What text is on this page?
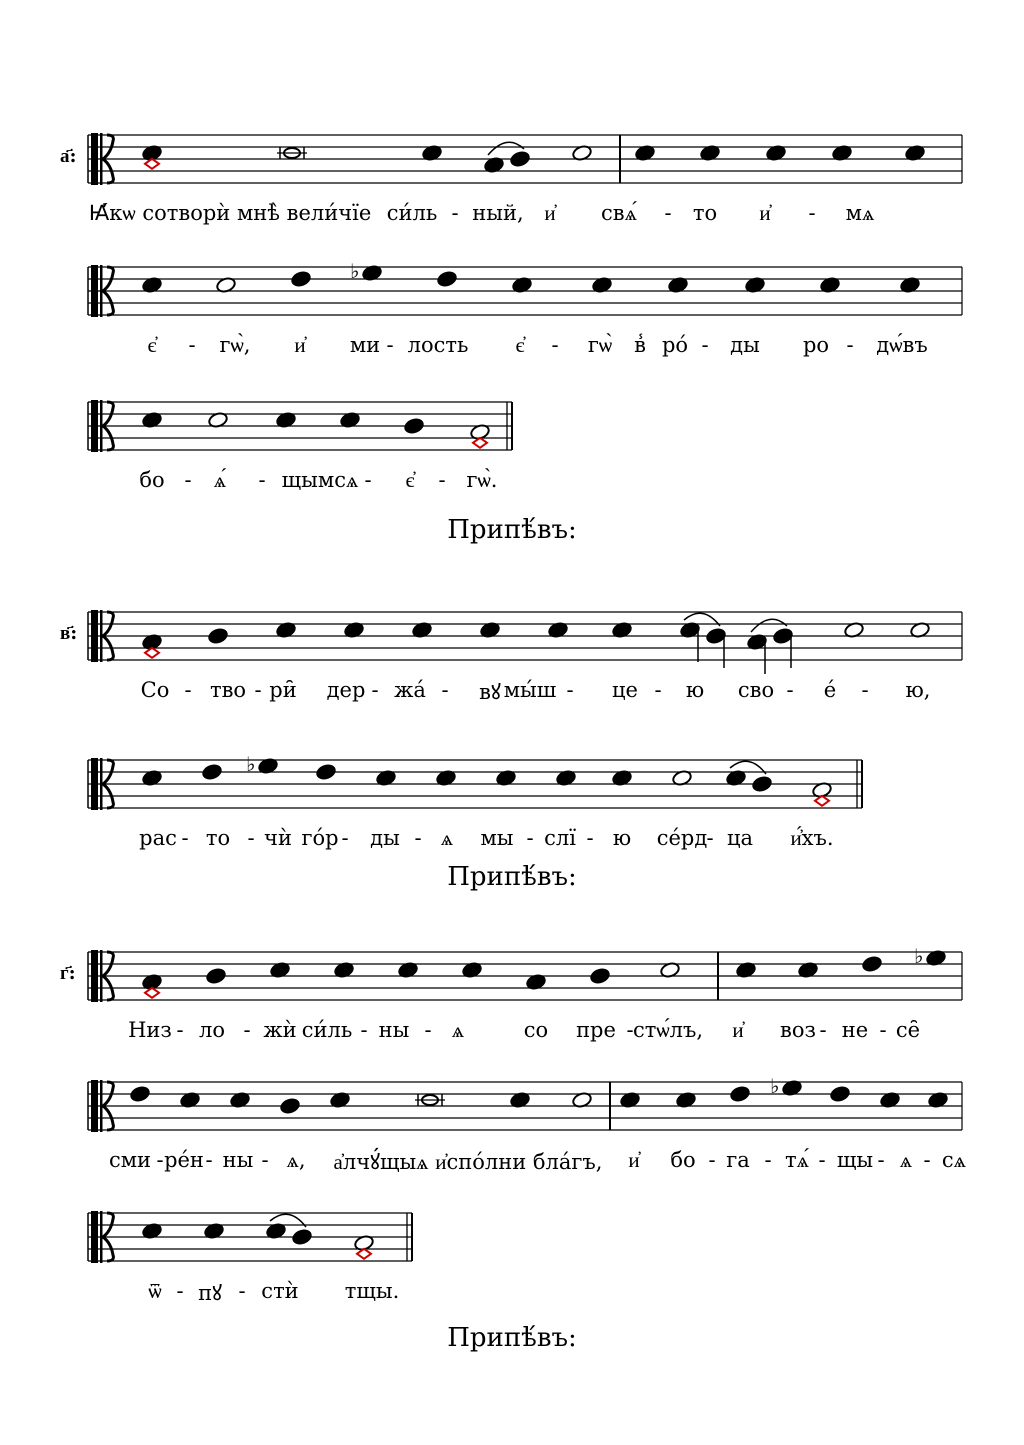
а҃:
Ꙗ҆́кѡ сотворѝ мнѣ̀ вели́чїе си́ль - ный, и҆ свѧ́ - то и҆ - мѧ
♭
є҆ - гѡ̀, и҆ ми - лость є҆ - гѡ̀ в̾ ро́ - ды ро - дѡ́въ
бо - ѧ́ - щымсѧ - є҆ - гѡ̀.
Припѣ́въ:
в҃:
Со - тво - ри̑ дер - жа́ - вꙋ мы́ш - це - ю сво - е́ - ю,
♭
рас - то - чѝ го́р - ды - ѧ мы - слї - ю се́рд - ца и҆́хъ.
Припѣ́въ:
♭
г҃:
Низ - ло - жѝ си́ль - ны - ѧ	со пре - стѡ́лъ, и҆ воз - не - се̑
♭
сми - ре́н - ны - ѧ, а҆лчꙋ́щыѧ и҆спо́лни бла́гъ, и҆ бо - га - тѧ́ - щы - ѧ - сѧ
ѿ - пꙋ - стѝ тщы.
Припѣ́въ:
